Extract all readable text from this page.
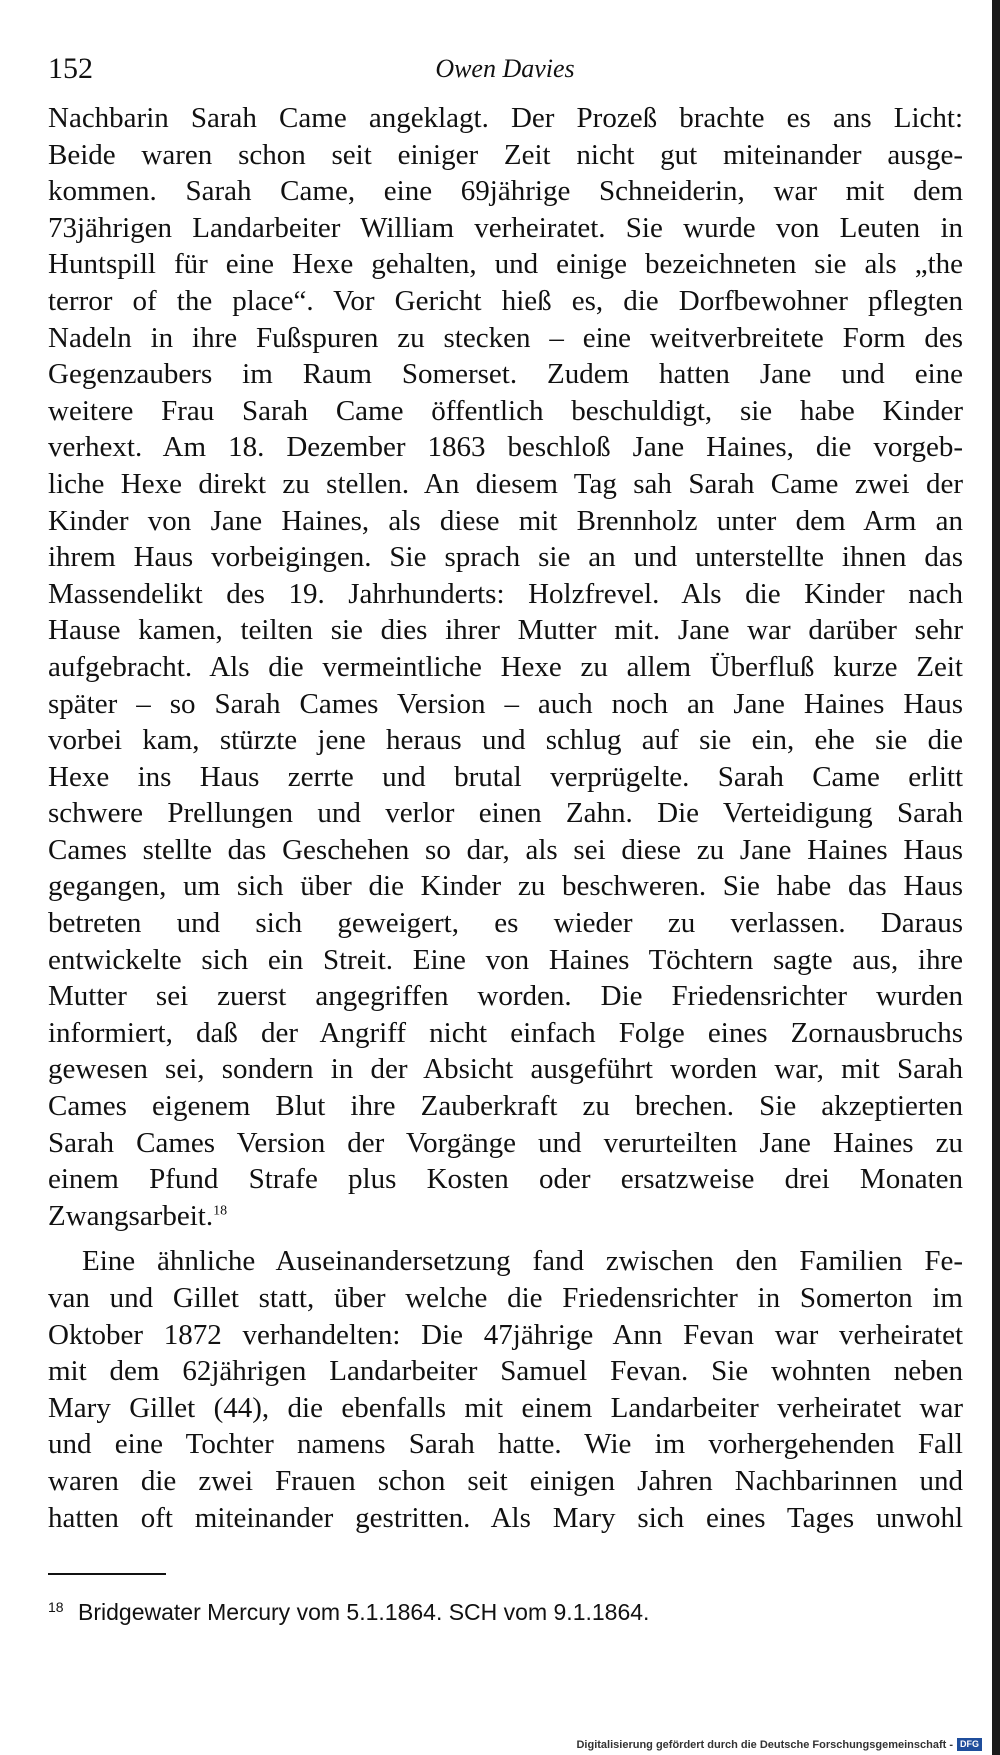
152	Owen Davies
Nachbarin Sarah Came angeklagt. Der Prozeß brachte es ans Licht:
Beide waren schon seit einiger Zeit nicht gut miteinander ausge-
kommen. Sarah Came, eine 69jährige Schneiderin, war mit dem
73jährigen Landarbeiter William verheiratet. Sie wurde von Leuten in
Huntspill für eine Hexe gehalten, und einige bezeichneten sie als „the
terror of the place“. Vor Gericht hieß es, die Dorfbewohner pflegten
Nadeln in ihre Fußspuren zu stecken – eine weitverbreitete Form des
Gegenzaubers im Raum Somerset. Zudem hatten Jane und eine
weitere Frau Sarah Came öffentlich beschuldigt, sie habe Kinder
verhext. Am 18. Dezember 1863 beschloß Jane Haines, die vorgeb-
liche Hexe direkt zu stellen. An diesem Tag sah Sarah Came zwei der
Kinder von Jane Haines, als diese mit Brennholz unter dem Arm an
ihrem Haus vorbeigingen. Sie sprach sie an und unterstellte ihnen das
Massendelikt des 19. Jahrhunderts: Holzfrevel. Als die Kinder nach
Hause kamen, teilten sie dies ihrer Mutter mit. Jane war darüber sehr
aufgebracht. Als die vermeintliche Hexe zu allem Überfluß kurze Zeit
später – so Sarah Cames Version – auch noch an Jane Haines Haus
vorbei kam, stürzte jene heraus und schlug auf sie ein, ehe sie die
Hexe ins Haus zerrte und brutal verprügelte. Sarah Came erlitt
schwere Prellungen und verlor einen Zahn. Die Verteidigung Sarah
Cames stellte das Geschehen so dar, als sei diese zu Jane Haines Haus
gegangen, um sich über die Kinder zu beschweren. Sie habe das Haus
betreten und sich geweigert, es wieder zu verlassen. Daraus
entwickelte sich ein Streit. Eine von Haines Töchtern sagte aus, ihre
Mutter sei zuerst angegriffen worden. Die Friedensrichter wurden
informiert, daß der Angriff nicht einfach Folge eines Zornausbruchs
gewesen sei, sondern in der Absicht ausgeführt worden war, mit Sarah
Cames eigenem Blut ihre Zauberkraft zu brechen. Sie akzeptierten
Sarah Cames Version der Vorgänge und verurteilten Jane Haines zu
einem Pfund Strafe plus Kosten oder ersatzweise drei Monaten
Zwangsarbeit.$^{18}$
Eine ähnliche Auseinandersetzung fand zwischen den Familien Fe-
van und Gillet statt, über welche die Friedensrichter in Somerton im
Oktober 1872 verhandelten: Die 47jährige Ann Fevan war verheiratet
mit dem 62jährigen Landarbeiter Samuel Fevan. Sie wohnten neben
Mary Gillet (44), die ebenfalls mit einem Landarbeiter verheiratet war
und eine Tochter namens Sarah hatte. Wie im vorhergehenden Fall
waren die zwei Frauen schon seit einigen Jahren Nachbarinnen und
hatten oft miteinander gestritten. Als Mary sich eines Tages unwohl
18 Bridgewater Mercury vom 5.1.1864. SCH vom 9.1.1864.
Digitalisierung gefördert durch die Deutsche Forschungsgemeinschaft - DFG
